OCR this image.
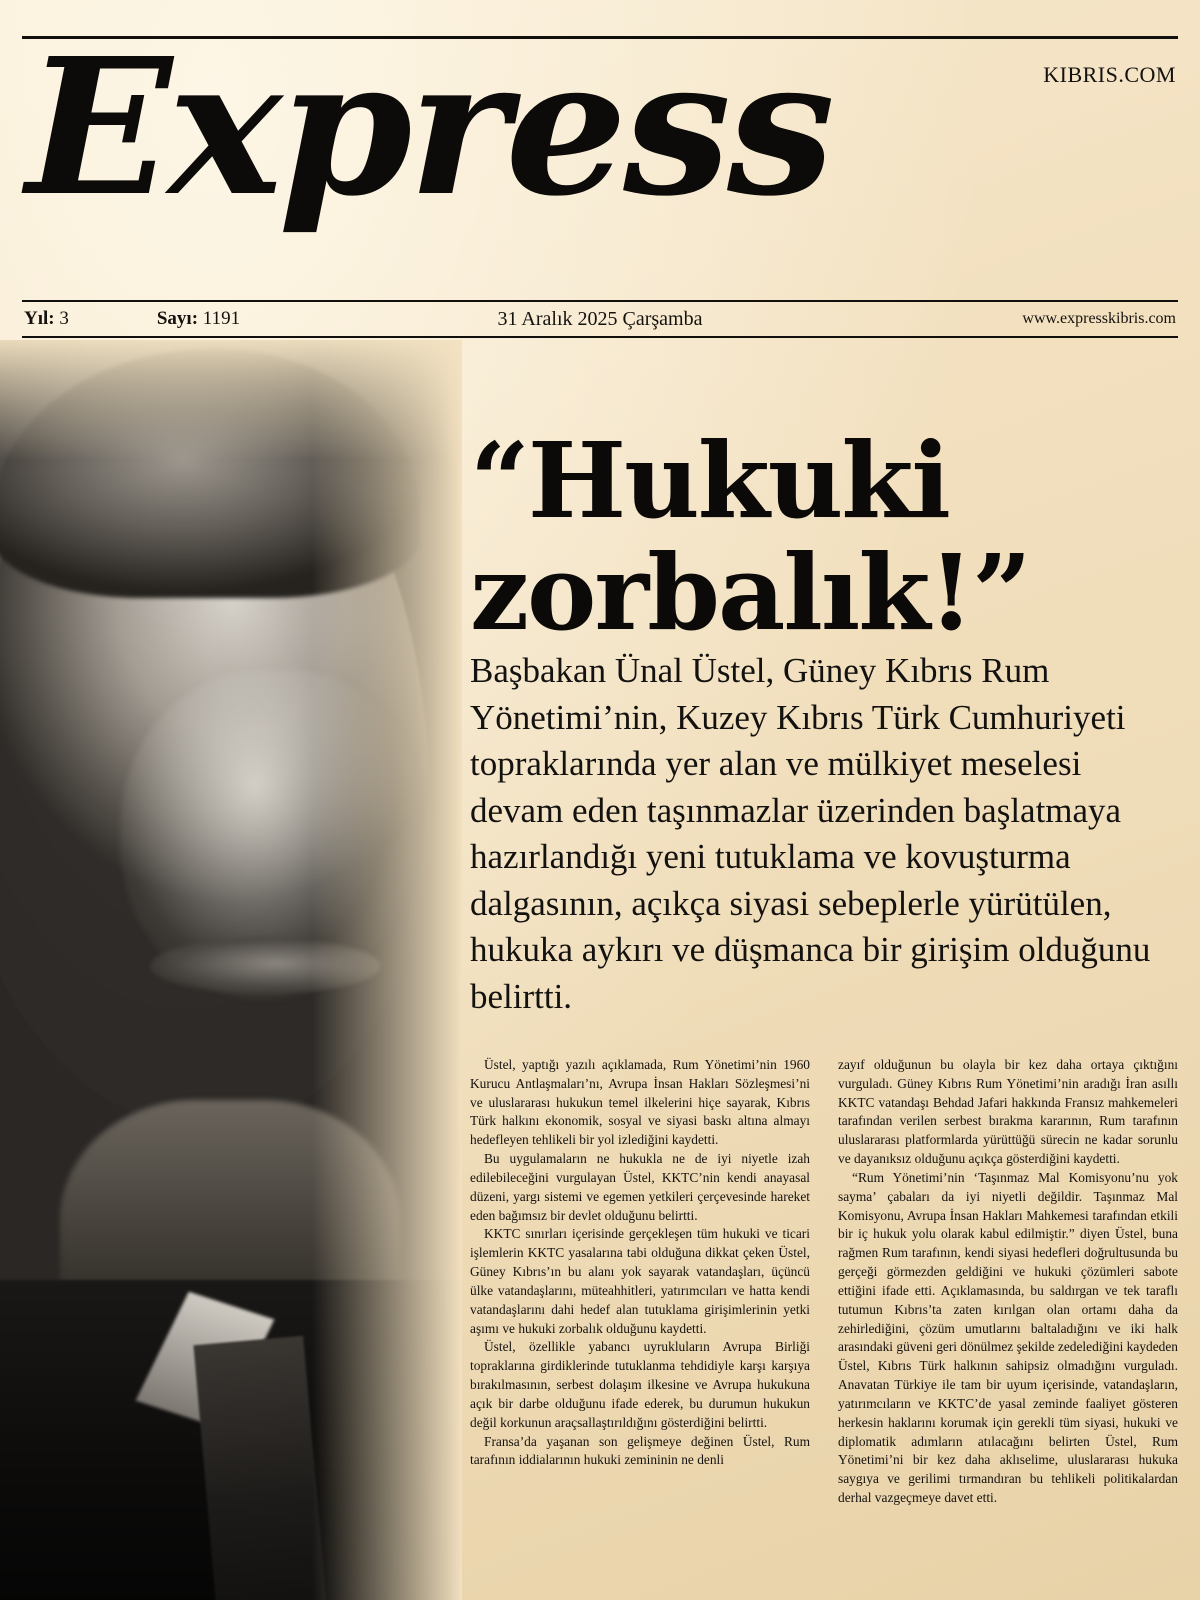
KIBRIS.COM
Express
Yıl: 3	Sayı: 1191	31 Aralık 2025 Çarşamba	www.expresskibris.com
“Hukuki
zorbalık!”
Başbakan Ünal Üstel, Güney Kıbrıs Rum Yönetimi’nin, Kuzey Kıbrıs Türk Cumhuriyeti topraklarında yer alan ve mülkiyet meselesi devam eden taşınmazlar üzerinden başlatmaya hazırlandığı yeni tutuklama ve kovuşturma dalgasının, açıkça siyasi sebeplerle yürütülen, hukuka aykırı ve düşmanca bir girişim olduğunu belirtti.

Üstel, yaptığı yazılı açıklamada, Rum Yönetimi’nin 1960 Kurucu Antlaşmaları’nı, Avrupa İnsan Hakları Sözleşmesi’ni ve uluslararası hukukun temel ilkelerini hiçe sayarak, Kıbrıs Türk halkını ekonomik, sosyal ve siyasi baskı altına almayı hedefleyen tehlikeli bir yol izlediğini kaydetti.

Bu uygulamaların ne hukukla ne de iyi niyetle izah edilebileceğini vurgulayan Üstel, KKTC’nin kendi anayasal düzeni, yargı sistemi ve egemen yetkileri çerçevesinde hareket eden bağımsız bir devlet olduğunu belirtti.

KKTC sınırları içerisinde gerçekleşen tüm hukuki ve ticari işlemlerin KKTC yasalarına tabi olduğuna dikkat çeken Üstel, Güney Kıbrıs’ın bu alanı yok sayarak vatandaşları, üçüncü ülke vatandaşlarını, müteahhitleri, yatırımcıları ve hatta kendi vatandaşlarını dahi hedef alan tutuklama girişimlerinin yetki aşımı ve hukuki zorbalık olduğunu kaydetti.

Üstel, özellikle yabancı uyrukluların Avrupa Birliği topraklarına girdiklerinde tutuklanma tehdidiyle karşı karşıya bırakılmasının, serbest dolaşım ilkesine ve Avrupa hukukuna açık bir darbe olduğunu ifade ederek, bu durumun hukukun değil korkunun araçsallaştırıldığını gösterdiğini belirtti.

Fransa’da yaşanan son gelişmeye değinen Üstel, Rum tarafının iddialarının hukuki zemininin ne denli

zayıf olduğunun bu olayla bir kez daha ortaya çıktığını vurguladı. Güney Kıbrıs Rum Yönetimi’nin aradığı İran asıllı KKTC vatandaşı Behdad Jafari hakkında Fransız mahkemeleri tarafından verilen serbest bırakma kararının, Rum tarafının uluslararası platformlarda yürüttüğü sürecin ne kadar sorunlu ve dayanıksız olduğunu açıkça gösterdiğini kaydetti.

“Rum Yönetimi’nin ‘Taşınmaz Mal Komisyonu’nu yok sayma’ çabaları da iyi niyetli değildir. Taşınmaz Mal Komisyonu, Avrupa İnsan Hakları Mahkemesi tarafından etkili bir iç hukuk yolu olarak kabul edilmiştir.” diyen Üstel, buna rağmen Rum tarafının, kendi siyasi hedefleri doğrultusunda bu gerçeği görmezden geldiğini ve hukuki çözümleri sabote ettiğini ifade etti. Açıklamasında, bu saldırgan ve tek taraflı tutumun Kıbrıs’ta zaten kırılgan olan ortamı daha da zehirlediğini, çözüm umutlarını baltaladığını ve iki halk arasındaki güveni geri dönülmez şekilde zedelediğini kaydeden Üstel, Kıbrıs Türk halkının sahipsiz olmadığını vurguladı. Anavatan Türkiye ile tam bir uyum içerisinde, vatandaşların, yatırımcıların ve KKTC’de yasal zeminde faaliyet gösteren herkesin haklarını korumak için gerekli tüm siyasi, hukuki ve diplomatik adımların atılacağını belirten Üstel, Rum Yönetimi’ni bir kez daha aklıselime, uluslararası hukuka saygıya ve gerilimi tırmandıran bu tehlikeli politikalardan derhal vazgeçmeye davet etti.
